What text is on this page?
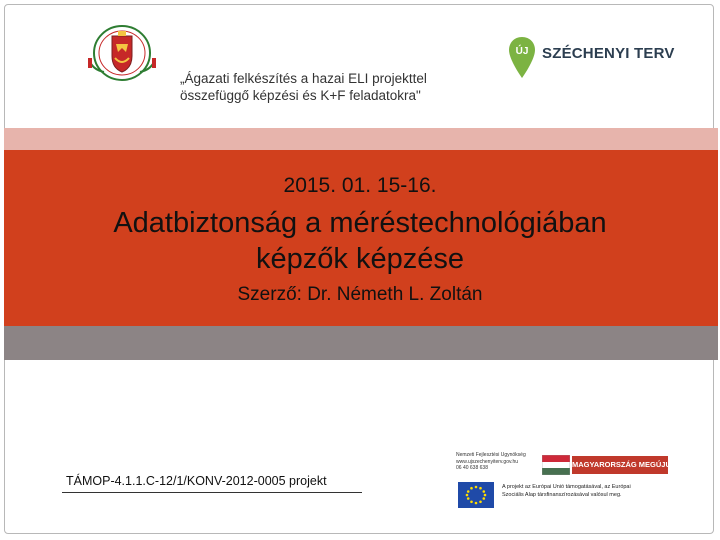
„Ágazati felkészítés a hazai ELI projekttel
összefüggő képzési és K+F feladatokra"
ÚJ SZÉCHENYI TERV
2015. 01. 15-16.
Adatbiztonság a méréstechnológiában
képzők képzése
Szerző: Dr. Németh L. Zoltán
TÁMOP-4.1.1.C-12/1/KONV-2012-0005 projekt
Nemzeti Fejlesztési Ügynökség
www.ujszechenyiterv.gov.hu
06 40 638 638	MAGYARORSZÁG MEGÚJUL
A projekt az Európai Unió támogatásával, az Európai
Szociális Alap társfinanszírozásával valósul meg.
